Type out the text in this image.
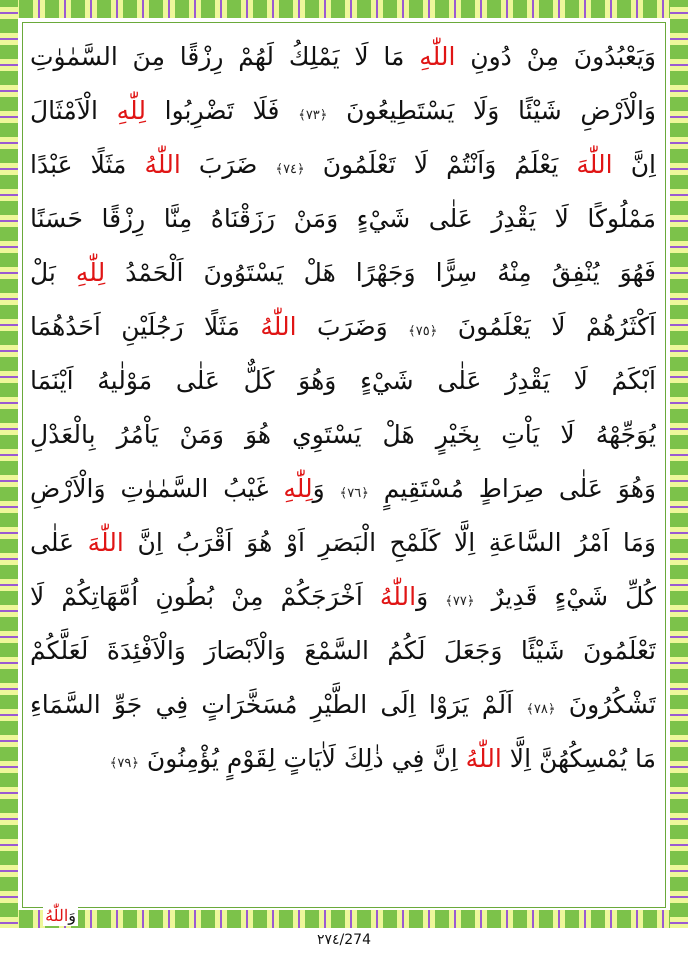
وَيَعْبُدُونَ مِنْ دُونِ اللّٰهِ مَا لَا يَمْلِكُ لَهُمْ رِزْقًا مِنَ السَّمٰوٰتِ
وَالْاَرْضِ شَيْئًا وَلَا يَسْتَطِيعُونَ ﴿٧٣﴾ فَلَا تَضْرِبُوا لِلّٰهِ الْاَمْثَالَ
اِنَّ اللّٰهَ يَعْلَمُ وَاَنْتُمْ لَا تَعْلَمُونَ ﴿٧٤﴾ ضَرَبَ اللّٰهُ مَثَلًا عَبْدًا
مَمْلُوكًا لَا يَقْدِرُ عَلٰى شَيْءٍ وَمَنْ رَزَقْنَاهُ مِنَّا رِزْقًا حَسَنًا
فَهُوَ يُنْفِقُ مِنْهُ سِرًّا وَجَهْرًا هَلْ يَسْتَوُونَ اَلْحَمْدُ لِلّٰهِ بَلْ
اَكْثَرُهُمْ لَا يَعْلَمُونَ ﴿٧٥﴾ وَضَرَبَ اللّٰهُ مَثَلًا رَجُلَيْنِ اَحَدُهُمَا
اَبْكَمُ لَا يَقْدِرُ عَلٰى شَيْءٍ وَهُوَ كَلٌّ عَلٰى مَوْلٰيهُ اَيْنَمَا
يُوَجِّهْهُ لَا يَاْتِ بِخَيْرٍ هَلْ يَسْتَوِي هُوَ وَمَنْ يَاْمُرُ بِالْعَدْلِ
وَهُوَ عَلٰى صِرَاطٍ مُسْتَقِيمٍ ﴿٧٦﴾ وَلِلّٰهِ غَيْبُ السَّمٰوٰتِ وَالْاَرْضِ
وَمَا اَمْرُ السَّاعَةِ اِلَّا كَلَمْحِ الْبَصَرِ اَوْ هُوَ اَقْرَبُ اِنَّ اللّٰهَ عَلٰى
كُلِّ شَيْءٍ قَدِيرٌ ﴿٧٧﴾ وَاللّٰهُ اَخْرَجَكُمْ مِنْ بُطُونِ اُمَّهَاتِكُمْ لَا
تَعْلَمُونَ شَيْئًا وَجَعَلَ لَكُمُ السَّمْعَ وَالْاَبْصَارَ وَالْاَفْئِدَةَ لَعَلَّكُمْ
تَشْكُرُونَ ﴿٧٨﴾ اَلَمْ يَرَوْا اِلَى الطَّيْرِ مُسَخَّرَاتٍ فِي جَوِّ السَّمَاءِ
مَا يُمْسِكُهُنَّ اِلَّا اللّٰهُ اِنَّ فِي ذٰلِكَ لَاٰيَاتٍ لِقَوْمٍ يُؤْمِنُونَ ﴿٧٩﴾
وَاللّٰهُ
٢٧٤/274
